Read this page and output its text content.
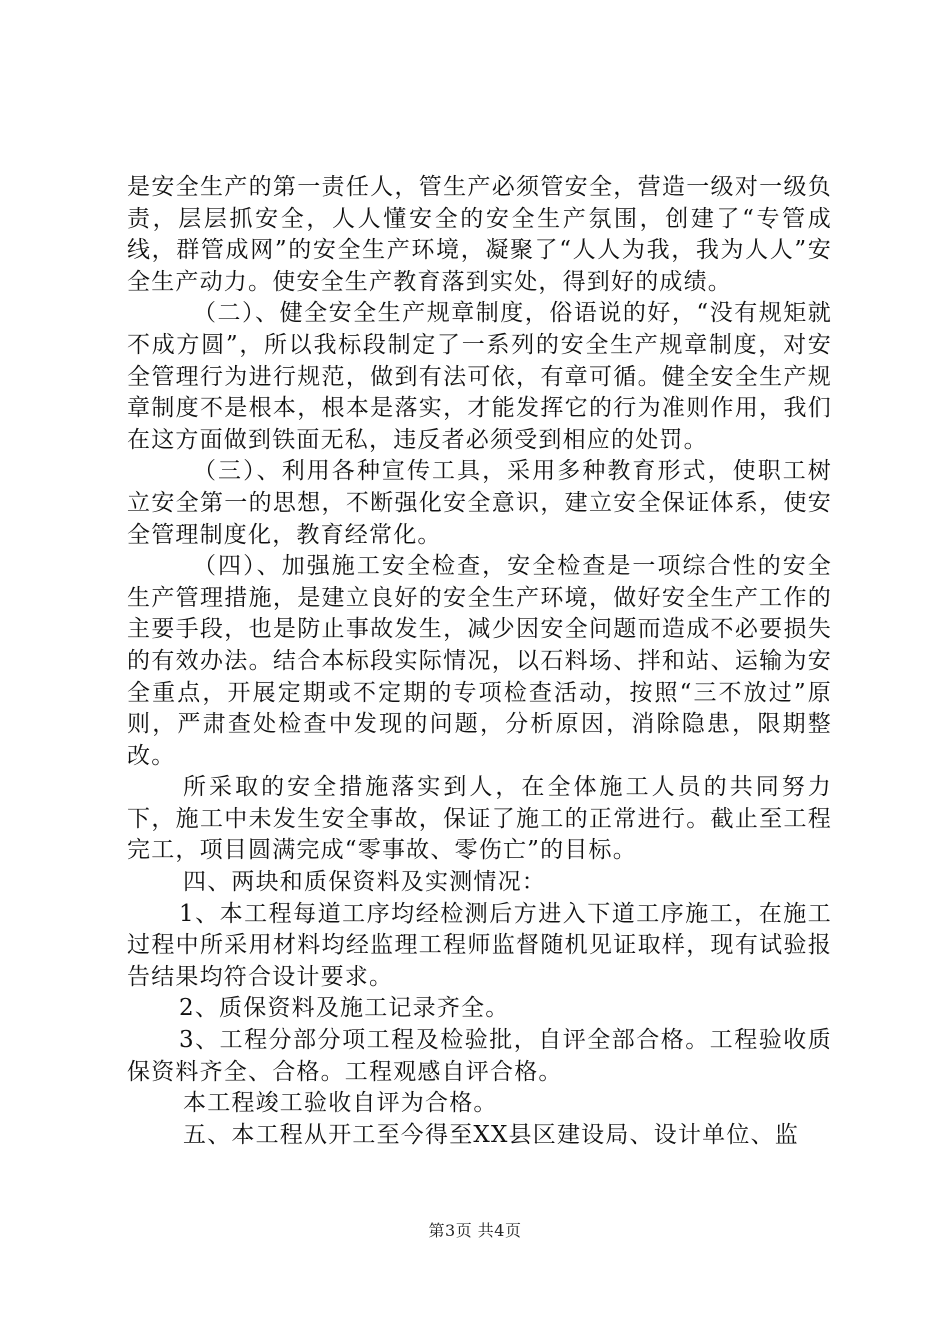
是安全生产的第一责任人，管生产必须管安全，营造一级对一级负责，层层抓安全，人人懂安全的安全生产氛围，创建了“专管成线，群管成网”的安全生产环境，凝聚了“人人为我，我为人人”安全生产动力。使安全生产教育落到实处，得到好的成绩。

（二）、健全安全生产规章制度，俗语说的好，“没有规矩就不成方圆”，所以我标段制定了一系列的安全生产规章制度，对安全管理行为进行规范，做到有法可依，有章可循。健全安全生产规章制度不是根本，根本是落实，才能发挥它的行为准则作用，我们在这方面做到铁面无私，违反者必须受到相应的处罚。

（三）、利用各种宣传工具，采用多种教育形式，使职工树立安全第一的思想，不断强化安全意识，建立安全保证体系，使安全管理制度化，教育经常化。

（四）、加强施工安全检查，安全检查是一项综合性的安全生产管理措施，是建立良好的安全生产环境，做好安全生产工作的主要手段，也是防止事故发生，减少因安全问题而造成不必要损失的有效办法。结合本标段实际情况，以石料场、拌和站、运输为安全重点，开展定期或不定期的专项检查活动，按照“三不放过”原则，严肃查处检查中发现的问题，分析原因，消除隐患，限期整改。

所采取的安全措施落实到人，在全体施工人员的共同努力下，施工中未发生安全事故，保证了施工的正常进行。截止至工程完工，项目圆满完成“零事故、零伤亡”的目标。

四、两块和质保资料及实测情况：

1、本工程每道工序均经检测后方进入下道工序施工，在施工过程中所采用材料均经监理工程师监督随机见证取样，现有试验报告结果均符合设计要求。

2、质保资料及施工记录齐全。

3、工程分部分项工程及检验批，自评全部合格。工程验收质保资料齐全、合格。工程观感自评合格。

本工程竣工验收自评为合格。

五、本工程从开工至今得至XX县区建设局、设计单位、监

第3页 共4页
